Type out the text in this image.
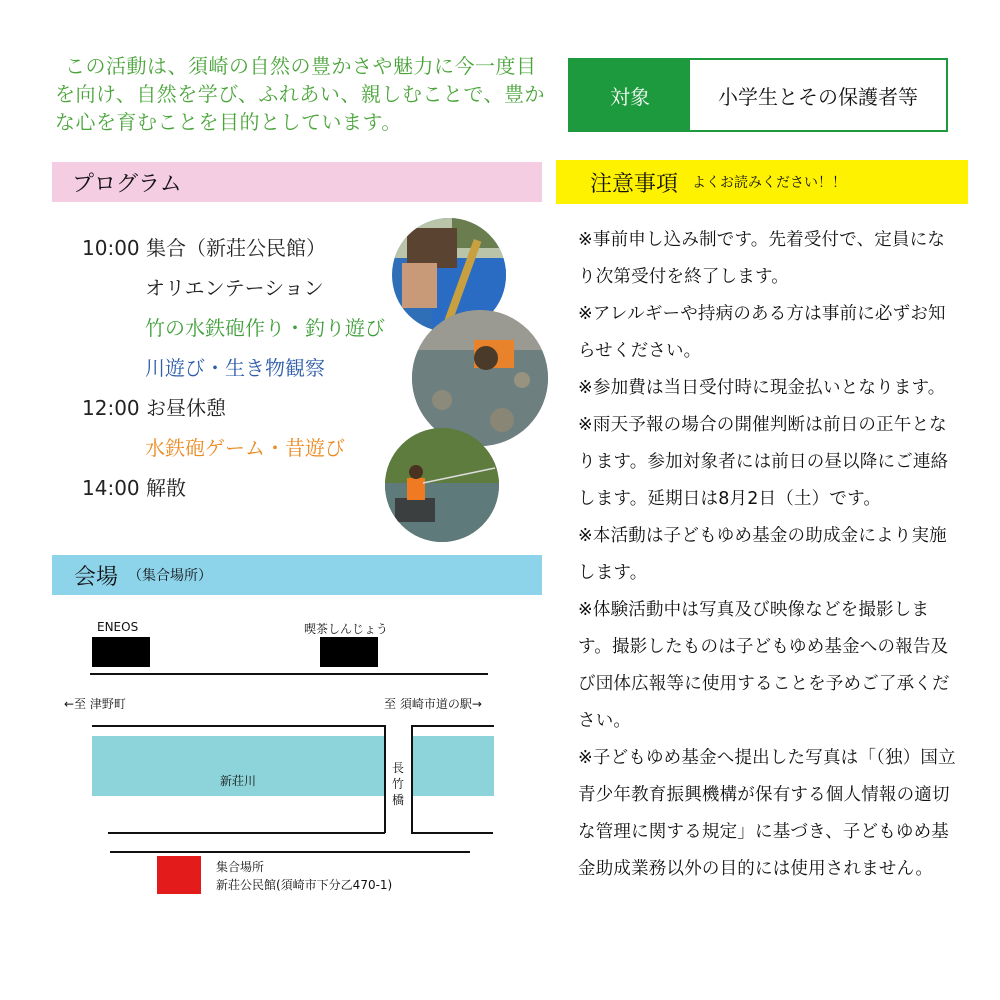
この活動は、須崎の自然の豊かさや魅力に今一度目を向け、自然を学び、ふれあい、親しむことで、豊かな心を育むことを目的としています。
対象	小学生とその保護者等
プログラム
10:00 集合（新荘公民館）
オリエンテーション
竹の水鉄砲作り・釣り遊び
川遊び・生き物観察
12:00 お昼休憩
水鉄砲ゲーム・昔遊び
14:00 解散
注意事項 よくお読みください！！

※事前申し込み制です。先着受付で、定員になり次第受付を終了します。

※アレルギーや持病のある方は事前に必ずお知らせください。

※参加費は当日受付時に現金払いとなります。

※雨天予報の場合の開催判断は前日の正午となります。参加対象者には前日の昼以降にご連絡します。延期日は8月2日（土）です。

※本活動は子どもゆめ基金の助成金により実施します。

※体験活動中は写真及び映像などを撮影します。撮影したものは子どもゆめ基金への報告及び団体広報等に使用することを予めご了承ください。

※子どもゆめ基金へ提出した写真は「（独）国立青少年教育振興機構が保有する個人情報の適切な管理に関する規定」に基づき、子どもゆめ基金助成業務以外の目的には使用されません。

会場 （集合場所）
ENEOS	喫茶しんじょう
←至 津野町	至 須崎市道の駅→
新荘川
長竹橋
集合場所
新荘公民館(須崎市下分乙470-1)
